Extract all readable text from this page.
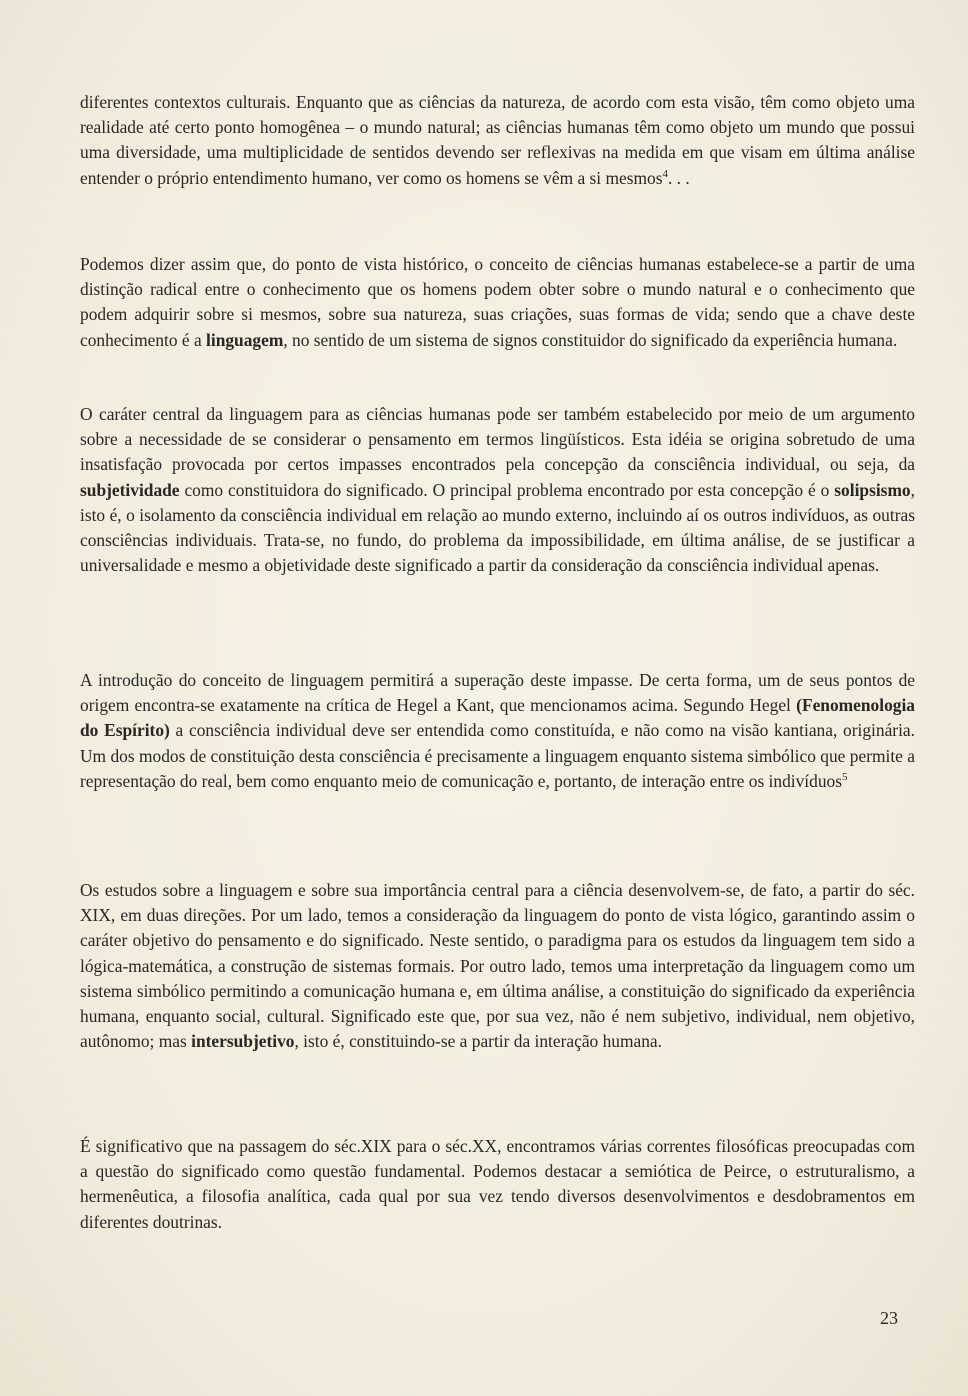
diferentes contextos culturais. Enquanto que as ciências da natureza, de acordo com esta visão, têm como objeto uma realidade até certo ponto homogênea – o mundo natural; as ciências humanas têm como objeto um mundo que possui uma diversidade, uma multiplicidade de sentidos devendo ser reflexivas na medida em que visam em última análise entender o próprio entendimento humano, ver como os homens se vêm a si mesmos$^4$. . .

Podemos dizer assim que, do ponto de vista histórico, o conceito de ciências humanas estabelece-se a partir de uma distinção radical entre o conhecimento que os homens podem obter sobre o mundo natural e o conhecimento que podem adquirir sobre si mesmos, sobre sua natureza, suas criações, suas formas de vida; sendo que a chave deste conhecimento é a linguagem, no sentido de um sistema de signos constituidor do significado da experiência humana.

O caráter central da linguagem para as ciências humanas pode ser também estabelecido por meio de um argumento sobre a necessidade de se considerar o pensamento em termos lingüísticos. Esta idéia se origina sobretudo de uma insatisfação provocada por certos impasses encontrados pela concepção da consciência individual, ou seja, da subjetividade como constituidora do significado. O principal problema encontrado por esta concepção é o solipsismo, isto é, o isolamento da consciência individual em relação ao mundo externo, incluindo aí os outros indivíduos, as outras consciências individuais. Trata-se, no fundo, do problema da impossibilidade, em última análise, de se justificar a universalidade e mesmo a objetividade deste significado a partir da consideração da consciência individual apenas.

A introdução do conceito de linguagem permitirá a superação deste impasse. De certa forma, um de seus pontos de origem encontra-se exatamente na crítica de Hegel a Kant, que mencionamos acima. Segundo Hegel (Fenomenologia do Espírito) a consciência individual deve ser entendida como constituída, e não como na visão kantiana, originária. Um dos modos de constituição desta consciência é precisamente a linguagem enquanto sistema simbólico que permite a representação do real, bem como enquanto meio de comunicação e, portanto, de interação entre os indivíduos$^5$

Os estudos sobre a linguagem e sobre sua importância central para a ciência desenvolvem-se, de fato, a partir do séc. XIX, em duas direções. Por um lado, temos a consideração da linguagem do ponto de vista lógico, garantindo assim o caráter objetivo do pensamento e do significado. Neste sentido, o paradigma para os estudos da linguagem tem sido a lógica-matemática, a construção de sistemas formais. Por outro lado, temos uma interpretação da linguagem como um sistema simbólico permitindo a comunicação humana e, em última análise, a constituição do significado da experiência humana, enquanto social, cultural. Significado este que, por sua vez, não é nem subjetivo, individual, nem objetivo, autônomo; mas intersubjetivo, isto é, constituindo-se a partir da interação humana.

É significativo que na passagem do séc.XIX para o séc.XX, encontramos várias correntes filosóficas preocupadas com a questão do significado como questão fundamental. Podemos destacar a semiótica de Peirce, o estruturalismo, a hermenêutica, a filosofia analítica, cada qual por sua vez tendo diversos desenvolvimentos e desdobramentos em diferentes doutrinas.

23
